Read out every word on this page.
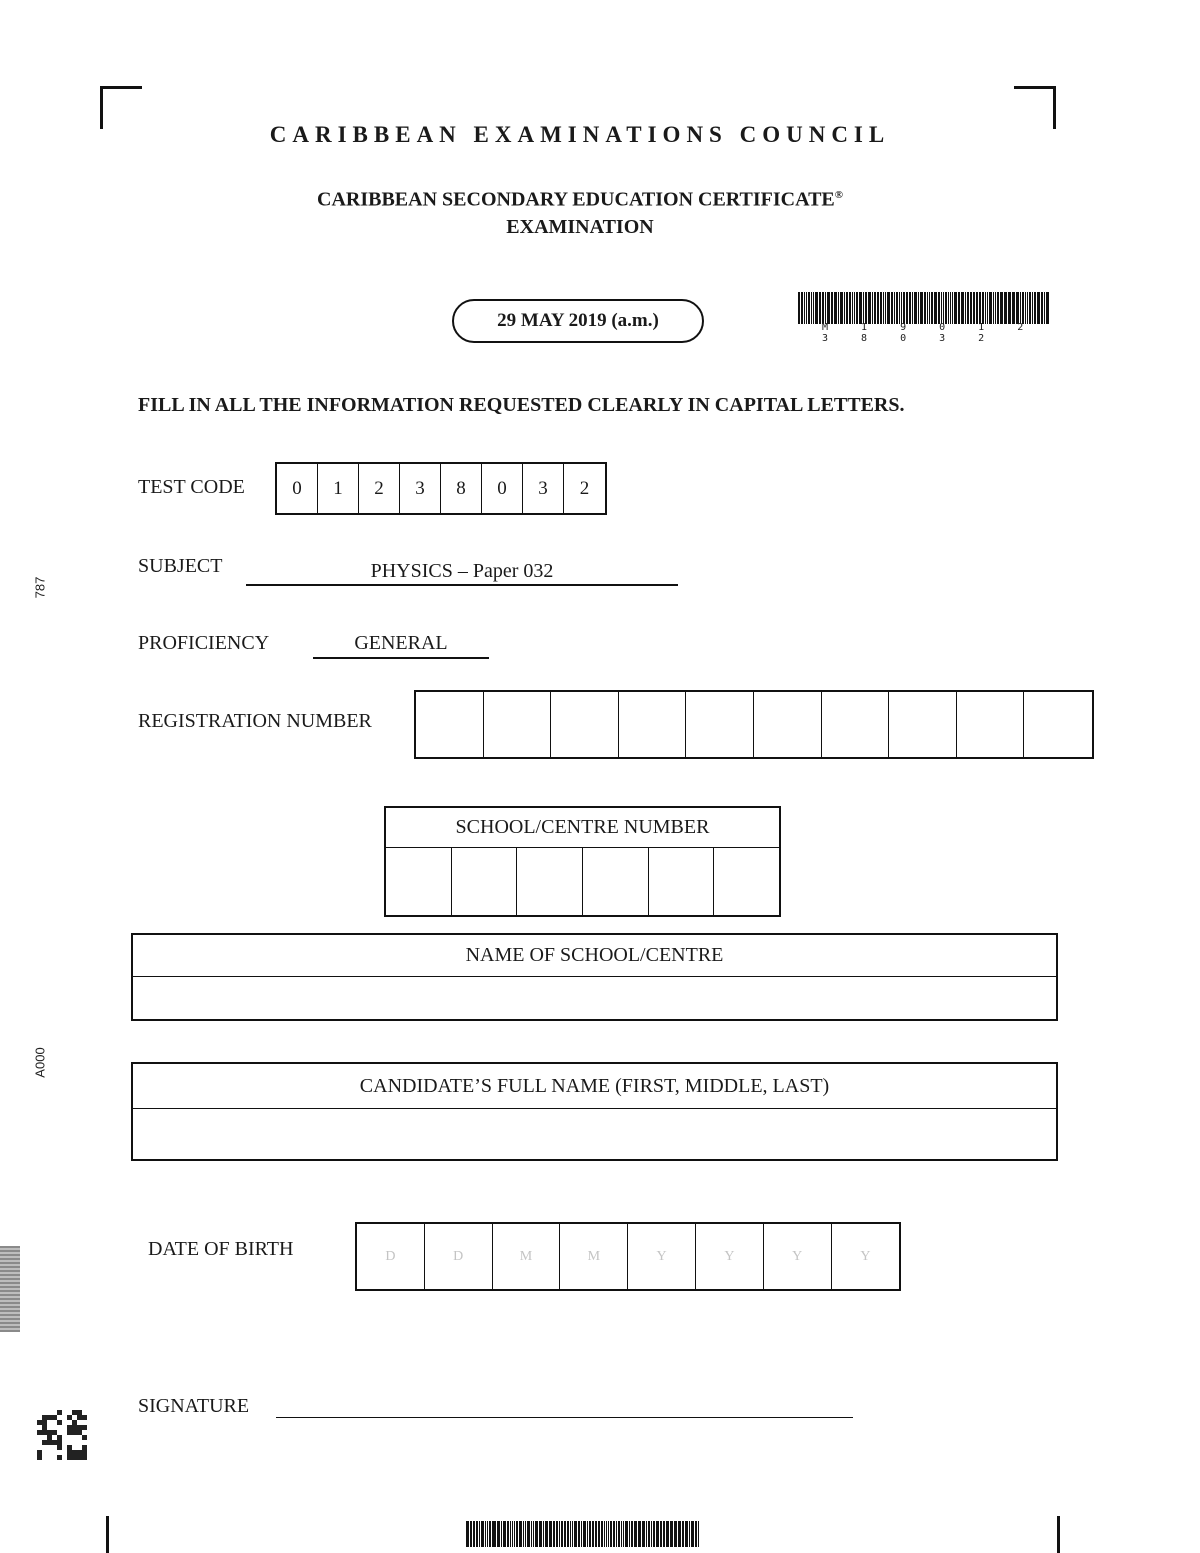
CARIBBEAN EXAMINATIONS COUNCIL
CARIBBEAN SECONDARY EDUCATION CERTIFICATE®
EXAMINATION
29 MAY 2019 (a.m.)	M 1 9 0 1 2 3 8 0 3 2
FILL IN ALL THE INFORMATION REQUESTED CLEARLY IN CAPITAL LETTERS.
TEST CODE	0	1	2	3	8	0	3	2
SUBJECT	PHYSICS – Paper 032
PROFICIENCY	GENERAL
REGISTRATION NUMBER
SCHOOL/CENTRE NUMBER
NAME OF SCHOOL/CENTRE
CANDIDATE’S FULL NAME (FIRST, MIDDLE, LAST)
DATE OF BIRTH	D	D	M	M	Y	Y	Y	Y
SIGNATURE
787
A000
